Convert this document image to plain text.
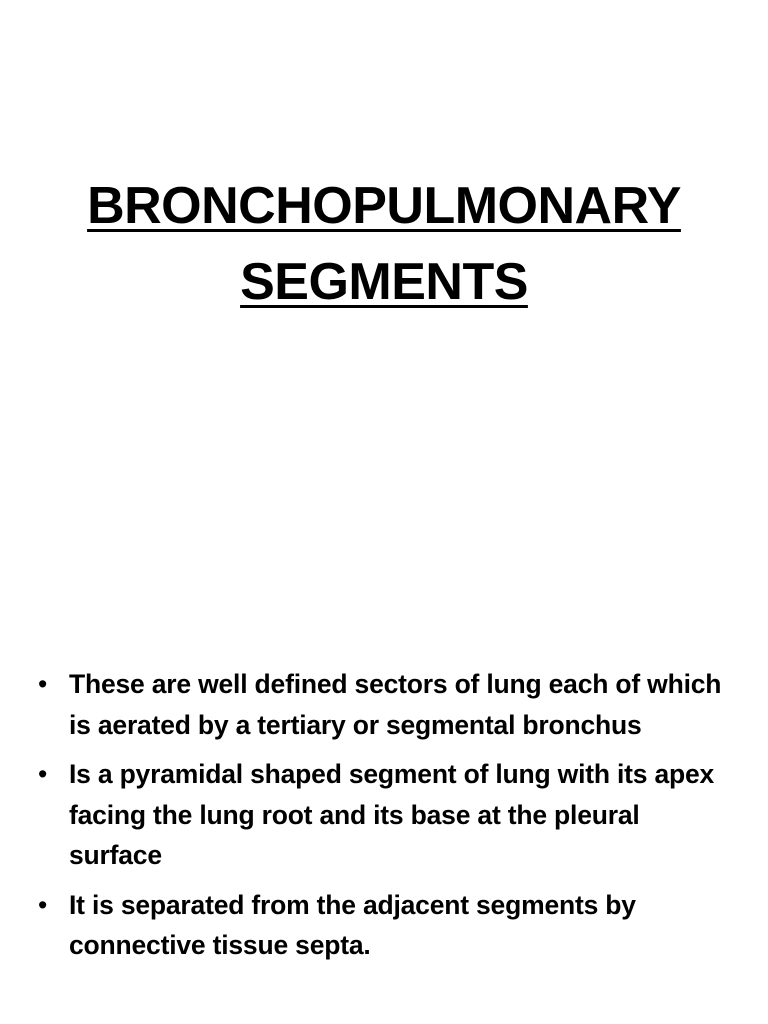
BRONCHOPULMONARY
SEGMENTS
• These are well defined sectors of lung each of which is aerated by a tertiary or segmental bronchus
• Is a pyramidal shaped segment of lung with its apex facing the lung root and its base at the pleural surface
• It is separated from the adjacent segments by connective tissue septa.
